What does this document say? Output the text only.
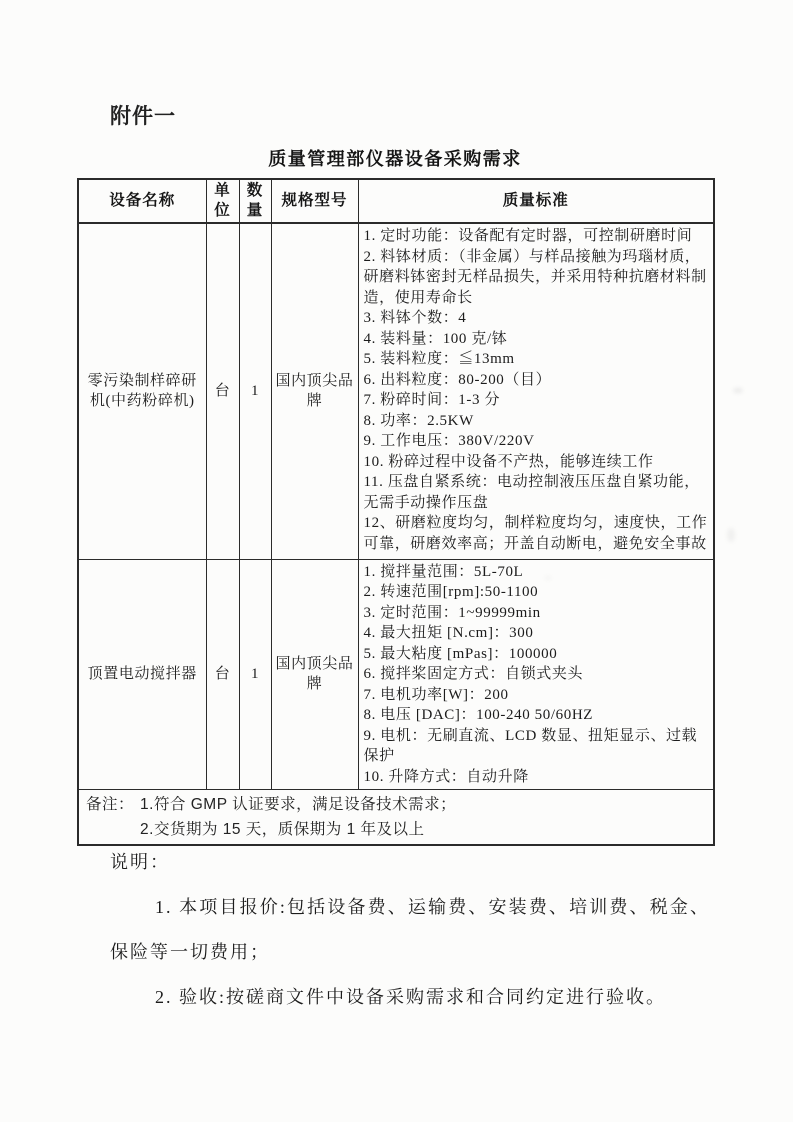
附件一
质量管理部仪器设备采购需求
设备名称	单位	数量	规格型号	质量标准
零污染制样碎研机(中药粉碎机)	台	1	国内顶尖品牌	
1. 定时功能：设备配有定时器，可控制研磨时间
2. 料钵材质：（非金属）与样品接触为玛瑙材质，研磨料钵密封无样品损失，并采用特种抗磨材料制造，使用寿命长
3. 料钵个数：4
4. 装料量：100 克/钵
5. 装料粒度：≦13mm
6. 出料粒度：80-200（目）
7. 粉碎时间：1-3 分
8. 功率：2.5KW
9. 工作电压：380V/220V
10. 粉碎过程中设备不产热，能够连续工作
11. 压盘自紧系统：电动控制液压压盘自紧功能，无需手动操作压盘
12、研磨粒度均匀，制样粒度均匀，速度快，工作可靠，研磨效率高；开盖自动断电，避免安全事故

顶置电动搅拌器	台	1	国内顶尖品牌	
1. 搅拌量范围：5L-70L
2. 转速范围[rpm]:50-1100
3. 定时范围：1~99999min
4. 最大扭矩 [N.cm]：300
5. 最大粘度 [mPas]：100000
6. 搅拌桨固定方式：自锁式夹头
7. 电机功率[W]：200
8. 电压 [DAC]：100-240 50/60HZ
9. 电机：无刷直流、LCD 数显、扭矩显示、过载保护
10. 升降方式：自动升降

备注： 1.符合 GMP 认证要求，满足设备技术需求；
2.交货期为 15 天，质保期为 1 年及以上				
说明：

1. 本项目报价:包括设备费、运输费、安装费、培训费、税金、保险等一切费用；

2. 验收:按磋商文件中设备采购需求和合同约定进行验收。
